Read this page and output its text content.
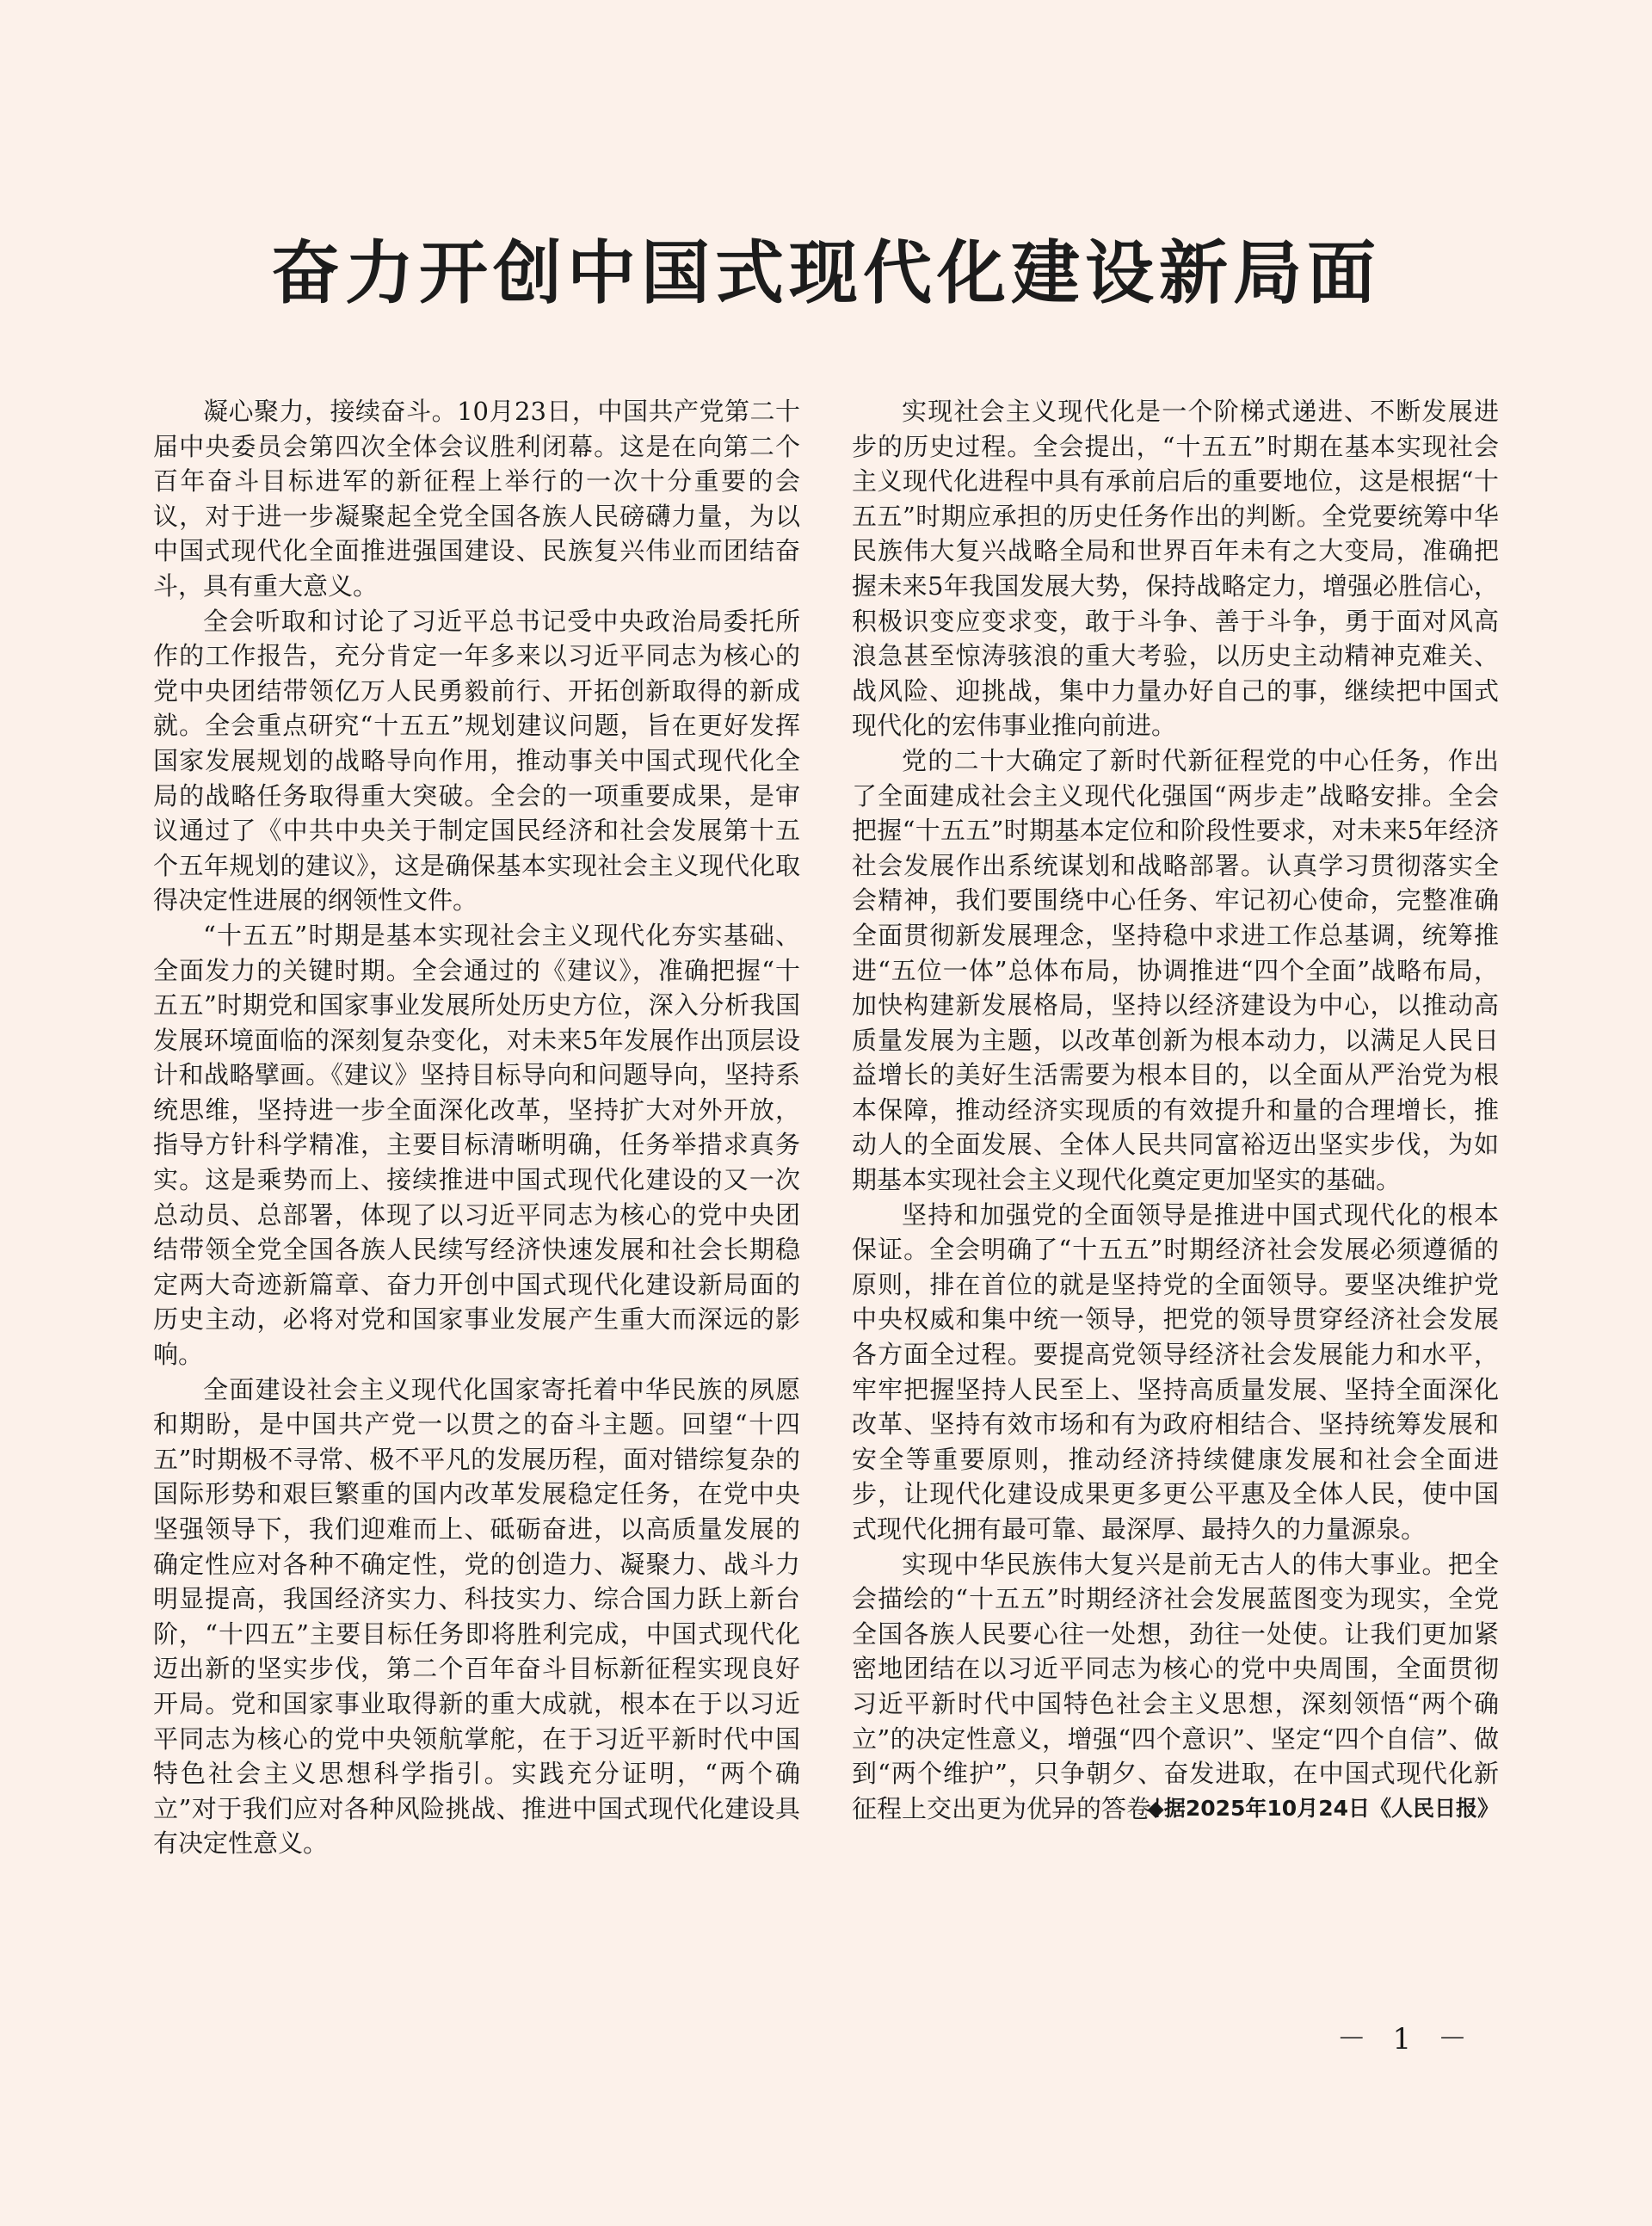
奋力开创中国式现代化建设新局面

凝心聚力，接续奋斗。10月23日，中国共产党第二十届中央委员会第四次全体会议胜利闭幕。这是在向第二个百年奋斗目标进军的新征程上举行的一次十分重要的会议，对于进一步凝聚起全党全国各族人民磅礴力量，为以中国式现代化全面推进强国建设、民族复兴伟业而团结奋斗，具有重大意义。

全会听取和讨论了习近平总书记受中央政治局委托所作的工作报告，充分肯定一年多来以习近平同志为核心的党中央团结带领亿万人民勇毅前行、开拓创新取得的新成就。全会重点研究“十五五”规划建议问题，旨在更好发挥国家发展规划的战略导向作用，推动事关中国式现代化全局的战略任务取得重大突破。全会的一项重要成果，是审议通过了《中共中央关于制定国民经济和社会发展第十五个五年规划的建议》，这是确保基本实现社会主义现代化取得决定性进展的纲领性文件。

“十五五”时期是基本实现社会主义现代化夯实基础、全面发力的关键时期。全会通过的《建议》，准确把握“十五五”时期党和国家事业发展所处历史方位，深入分析我国发展环境面临的深刻复杂变化，对未来5年发展作出顶层设计和战略擘画。《建议》坚持目标导向和问题导向，坚持系统思维，坚持进一步全面深化改革，坚持扩大对外开放，指导方针科学精准，主要目标清晰明确，任务举措求真务实。这是乘势而上、接续推进中国式现代化建设的又一次总动员、总部署，体现了以习近平同志为核心的党中央团结带领全党全国各族人民续写经济快速发展和社会长期稳定两大奇迹新篇章、奋力开创中国式现代化建设新局面的历史主动，必将对党和国家事业发展产生重大而深远的影响。

全面建设社会主义现代化国家寄托着中华民族的夙愿和期盼，是中国共产党一以贯之的奋斗主题。回望“十四五”时期极不寻常、极不平凡的发展历程，面对错综复杂的国际形势和艰巨繁重的国内改革发展稳定任务，在党中央坚强领导下，我们迎难而上、砥砺奋进，以高质量发展的确定性应对各种不确定性，党的创造力、凝聚力、战斗力明显提高，我国经济实力、科技实力、综合国力跃上新台阶，“十四五”主要目标任务即将胜利完成，中国式现代化迈出新的坚实步伐，第二个百年奋斗目标新征程实现良好开局。党和国家事业取得新的重大成就，根本在于以习近平同志为核心的党中央领航掌舵，在于习近平新时代中国特色社会主义思想科学指引。实践充分证明，“两个确立”对于我们应对各种风险挑战、推进中国式现代化建设具有决定性意义。

实现社会主义现代化是一个阶梯式递进、不断发展进步的历史过程。全会提出，“十五五”时期在基本实现社会主义现代化进程中具有承前启后的重要地位，这是根据“十五五”时期应承担的历史任务作出的判断。全党要统筹中华民族伟大复兴战略全局和世界百年未有之大变局，准确把握未来5年我国发展大势，保持战略定力，增强必胜信心，积极识变应变求变，敢于斗争、善于斗争，勇于面对风高浪急甚至惊涛骇浪的重大考验，以历史主动精神克难关、战风险、迎挑战，集中力量办好自己的事，继续把中国式现代化的宏伟事业推向前进。

党的二十大确定了新时代新征程党的中心任务，作出了全面建成社会主义现代化强国“两步走”战略安排。全会把握“十五五”时期基本定位和阶段性要求，对未来5年经济社会发展作出系统谋划和战略部署。认真学习贯彻落实全会精神，我们要围绕中心任务、牢记初心使命，完整准确全面贯彻新发展理念，坚持稳中求进工作总基调，统筹推进“五位一体”总体布局，协调推进“四个全面”战略布局，加快构建新发展格局，坚持以经济建设为中心，以推动高质量发展为主题，以改革创新为根本动力，以满足人民日益增长的美好生活需要为根本目的，以全面从严治党为根本保障，推动经济实现质的有效提升和量的合理增长，推动人的全面发展、全体人民共同富裕迈出坚实步伐，为如期基本实现社会主义现代化奠定更加坚实的基础。

坚持和加强党的全面领导是推进中国式现代化的根本保证。全会明确了“十五五”时期经济社会发展必须遵循的原则，排在首位的就是坚持党的全面领导。要坚决维护党中央权威和集中统一领导，把党的领导贯穿经济社会发展各方面全过程。要提高党领导经济社会发展能力和水平，牢牢把握坚持人民至上、坚持高质量发展、坚持全面深化改革、坚持有效市场和有为政府相结合、坚持统筹发展和安全等重要原则，推动经济持续健康发展和社会全面进步，让现代化建设成果更多更公平惠及全体人民，使中国式现代化拥有最可靠、最深厚、最持久的力量源泉。

实现中华民族伟大复兴是前无古人的伟大事业。把全会描绘的“十五五”时期经济社会发展蓝图变为现实，全党全国各族人民要心往一处想，劲往一处使。让我们更加紧密地团结在以习近平同志为核心的党中央周围，全面贯彻习近平新时代中国特色社会主义思想，深刻领悟“两个确立”的决定性意义，增强“四个意识”、坚定“四个自信”、做到“两个维护”，只争朝夕、奋发进取，在中国式现代化新征程上交出更为优异的答卷！

◆据2025年10月24日《人民日报》
－ 1 －
